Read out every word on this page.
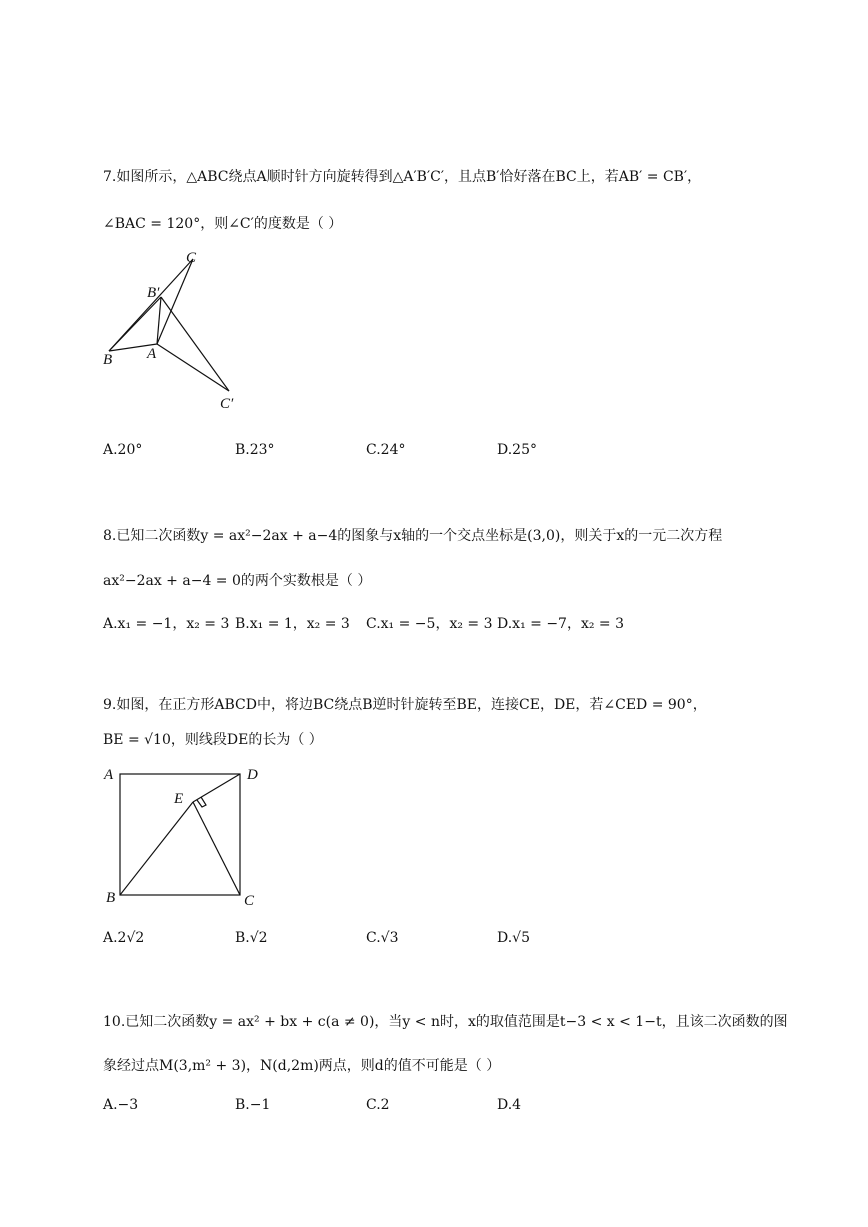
7.如图所示，△ABC绕点A顺时针方向旋转得到△A′B′C′，且点B′恰好落在BC上，若AB′ = CB′，
∠BAC = 120°，则∠C′的度数是（ ）
C
B′
B A
C′
A.20°	B.23°	C.24°	D.25°
8.已知二次函数y = ax²−2ax + a−4的图象与x轴的一个交点坐标是(3,0)，则关于x的一元二次方程
ax²−2ax + a−4 = 0的两个实数根是（ ）
A.x₁ = −1，x₂ = 3 B.x₁ = 1，x₂ = 3 C.x₁ = −5，x₂ = 3 D.x₁ = −7，x₂ = 3
9.如图，在正方形ABCD中，将边BC绕点B逆时针旋转至BE，连接CE，DE，若∠CED = 90°，
BE = √10，则线段DE的长为（ ）
A	D
E
B	C
A.2√2	B.√2	C.√3	D.√5
10.已知二次函数y = ax² + bx + c(a ≠ 0)，当y < n时，x的取值范围是t−3 < x < 1−t，且该二次函数的图
象经过点M(3,m² + 3)，N(d,2m)两点，则d的值不可能是（ ）
A.−3	B.−1	C.2	D.4
